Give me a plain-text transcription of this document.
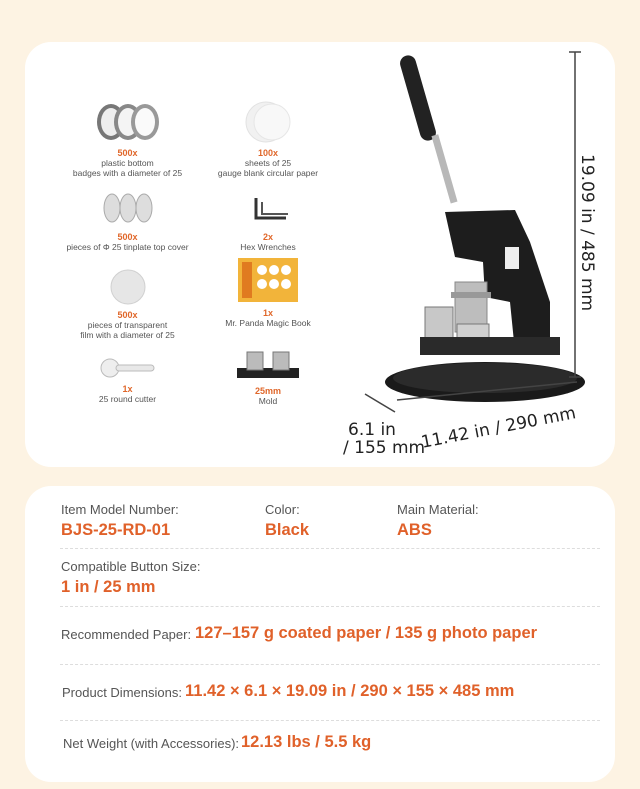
500x
plastic bottom
badges with a diameter of 25
100x
sheets of 25
gauge blank circular paper
500x
pieces of Φ 25 tinplate top cover
2x
Hex Wrenches
500x
pieces of transparent
film with a diameter of 25
1x
Mr. Panda Magic Book
1x
25 round cutter
25mm
Mold
19.09 in / 485 mm
11.42 in / 290 mm
6.1 in
/ 155 mm
Item Model Number:
BJS-25-RD-01
Color:
Black
Main Material:
ABS
Compatible Button Size:
1 in / 25 mm
Recommended Paper: 127–157 g coated paper / 135 g photo paper
Product Dimensions: 11.42 × 6.1 × 19.09 in / 290 × 155 × 485 mm
Net Weight (with Accessories): 12.13 lbs / 5.5 kg
